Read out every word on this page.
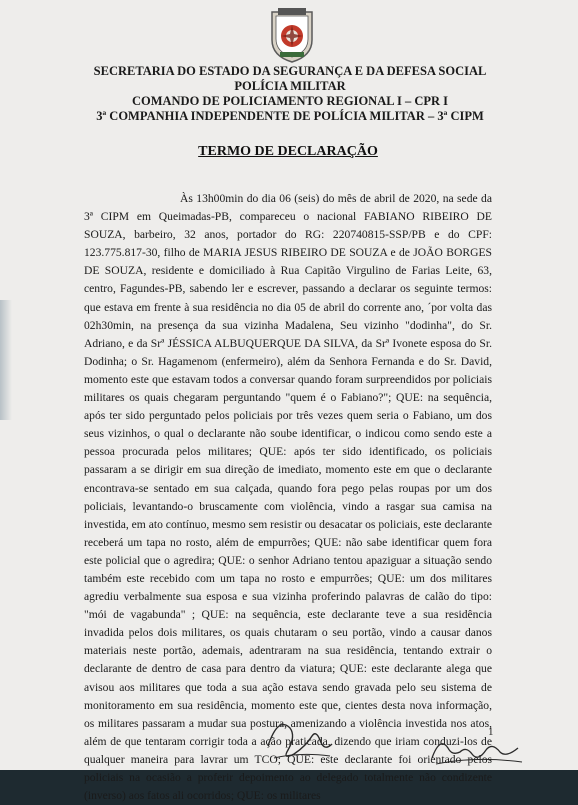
SECRETARIA DO ESTADO DA SEGURANÇA E DA DEFESA SOCIAL
POLÍCIA MILITAR
COMANDO DE POLICIAMENTO REGIONAL I – CPR I
3ª COMPANHIA INDEPENDENTE DE POLÍCIA MILITAR – 3ª CIPM
TERMO DE DECLARAÇÃO

Às 13h00min do dia 06 (seis) do mês de abril de 2020, na sede da 3ª CIPM em Queimadas-PB, compareceu o nacional FABIANO RIBEIRO DE SOUZA, barbeiro, 32 anos, portador do RG: 220740815-SSP/PB e do CPF: 123.775.817-30, filho de MARIA JESUS RIBEIRO DE SOUZA e de JOÃO BORGES DE SOUZA, residente e domiciliado à Rua Capitão Virgulino de Farias Leite, 63, centro, Fagundes-PB, sabendo ler e escrever, passando a declarar os seguinte termos: que estava em frente à sua residência no dia 05 de abril do corrente ano, ´por volta das 02h30min, na presença da sua vizinha Madalena, Seu vizinho "dodinha", do Sr. Adriano, e da Srª JÉSSICA ALBUQUERQUE DA SILVA, da Srª Ivonete esposa do Sr. Dodinha; o Sr. Hagamenom (enfermeiro), além da Senhora Fernanda e do Sr. David, momento este que estavam todos a conversar quando foram surpreendidos por policiais militares os quais chegaram perguntando "quem é o Fabiano?"; QUE: na sequência, após ter sido perguntado pelos policiais por três vezes quem seria o Fabiano, um dos seus vizinhos, o qual o declarante não soube identificar, o indicou como sendo este a pessoa procurada pelos militares; QUE: após ter sido identificado, os policiais passaram a se dirigir em sua direção de imediato, momento este em que o declarante encontrava-se sentado em sua calçada, quando fora pego pelas roupas por um dos policiais, levantando-o bruscamente com violência, vindo a rasgar sua camisa na investida, em ato contínuo, mesmo sem resistir ou desacatar os policiais, este declarante receberá um tapa no rosto, além de empurrões; QUE: não sabe identificar quem fora este policial que o agredira; QUE: o senhor Adriano tentou apaziguar a situação sendo também este recebido com um tapa no rosto e empurrões; QUE: um dos militares agrediu verbalmente sua esposa e sua vizinha proferindo palavras de calão do tipo: "mói de vagabunda" ; QUE: na sequência, este declarante teve a sua residência invadida pelos dois militares, os quais chutaram o seu portão, vindo a causar danos materiais neste portão, ademais, adentraram na sua residência, tentando extrair o declarante de dentro de casa para dentro da viatura; QUE: este declarante alega que avisou aos militares que toda a sua ação estava sendo gravada pelo seu sistema de monitoramento em sua residência, momento este que, cientes desta nova informação, os militares passaram a mudar sua postura, amenizando a violência investida nos atos, além de que tentaram corrigir toda a ação praticada, dizendo que iriam conduzi-los de qualquer maneira para lavrar um TCO; QUE: este declarante foi orientado pelos policiais na ocasião a proferir depoimento ao delegado totalmente não condizente (inverso) aos fatos ali ocorridos; QUE: os militares

1
